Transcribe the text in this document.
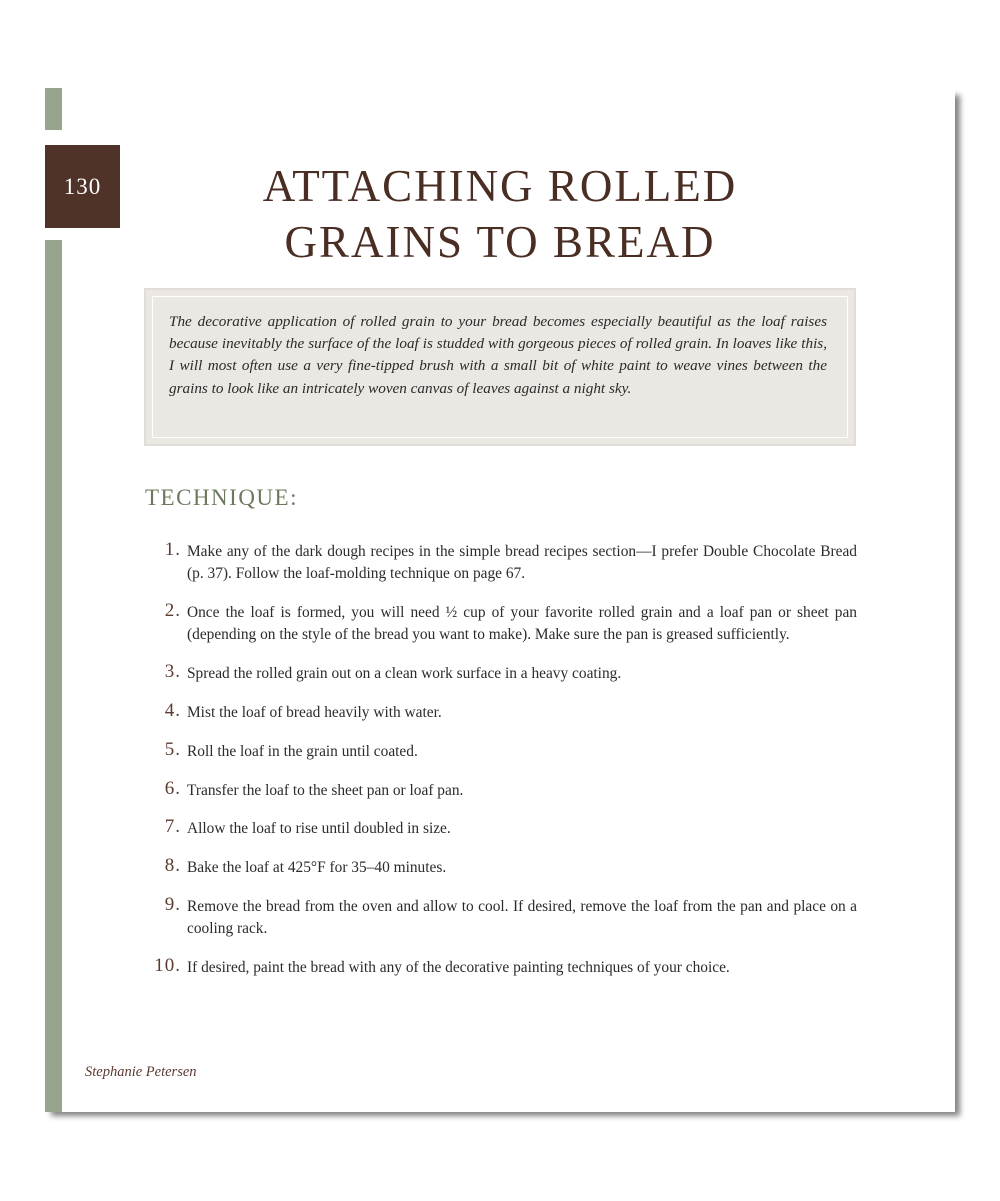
130	ATTACHING ROLLED
GRAINS TO BREAD

The decorative application of rolled grain to your bread becomes especially beautiful as the loaf raises because inevitably the surface of the loaf is studded with gorgeous pieces of rolled grain. In loaves like this, I will most often use a very fine-tipped brush with a small bit of white paint to weave vines between the grains to look like an intricately woven canvas of leaves against a night sky.

TECHNIQUE:
1. Make any of the dark dough recipes in the simple bread recipes section—I prefer Double Chocolate Bread (p. 37). Follow the loaf-molding technique on page 67.
2. Once the loaf is formed, you will need ½ cup of your favorite rolled grain and a loaf pan or sheet pan (depending on the style of the bread you want to make). Make sure the pan is greased sufficiently.
3. Spread the rolled grain out on a clean work surface in a heavy coating.
4. Mist the loaf of bread heavily with water.
5. Roll the loaf in the grain until coated.
6. Transfer the loaf to the sheet pan or loaf pan.
7. Allow the loaf to rise until doubled in size.
8. Bake the loaf at 425°F for 35–40 minutes.
9. Remove the bread from the oven and allow to cool. If desired, remove the loaf from the pan and place on a cooling rack.
10. If desired, paint the bread with any of the decorative painting techniques of your choice.

Stephanie Petersen
